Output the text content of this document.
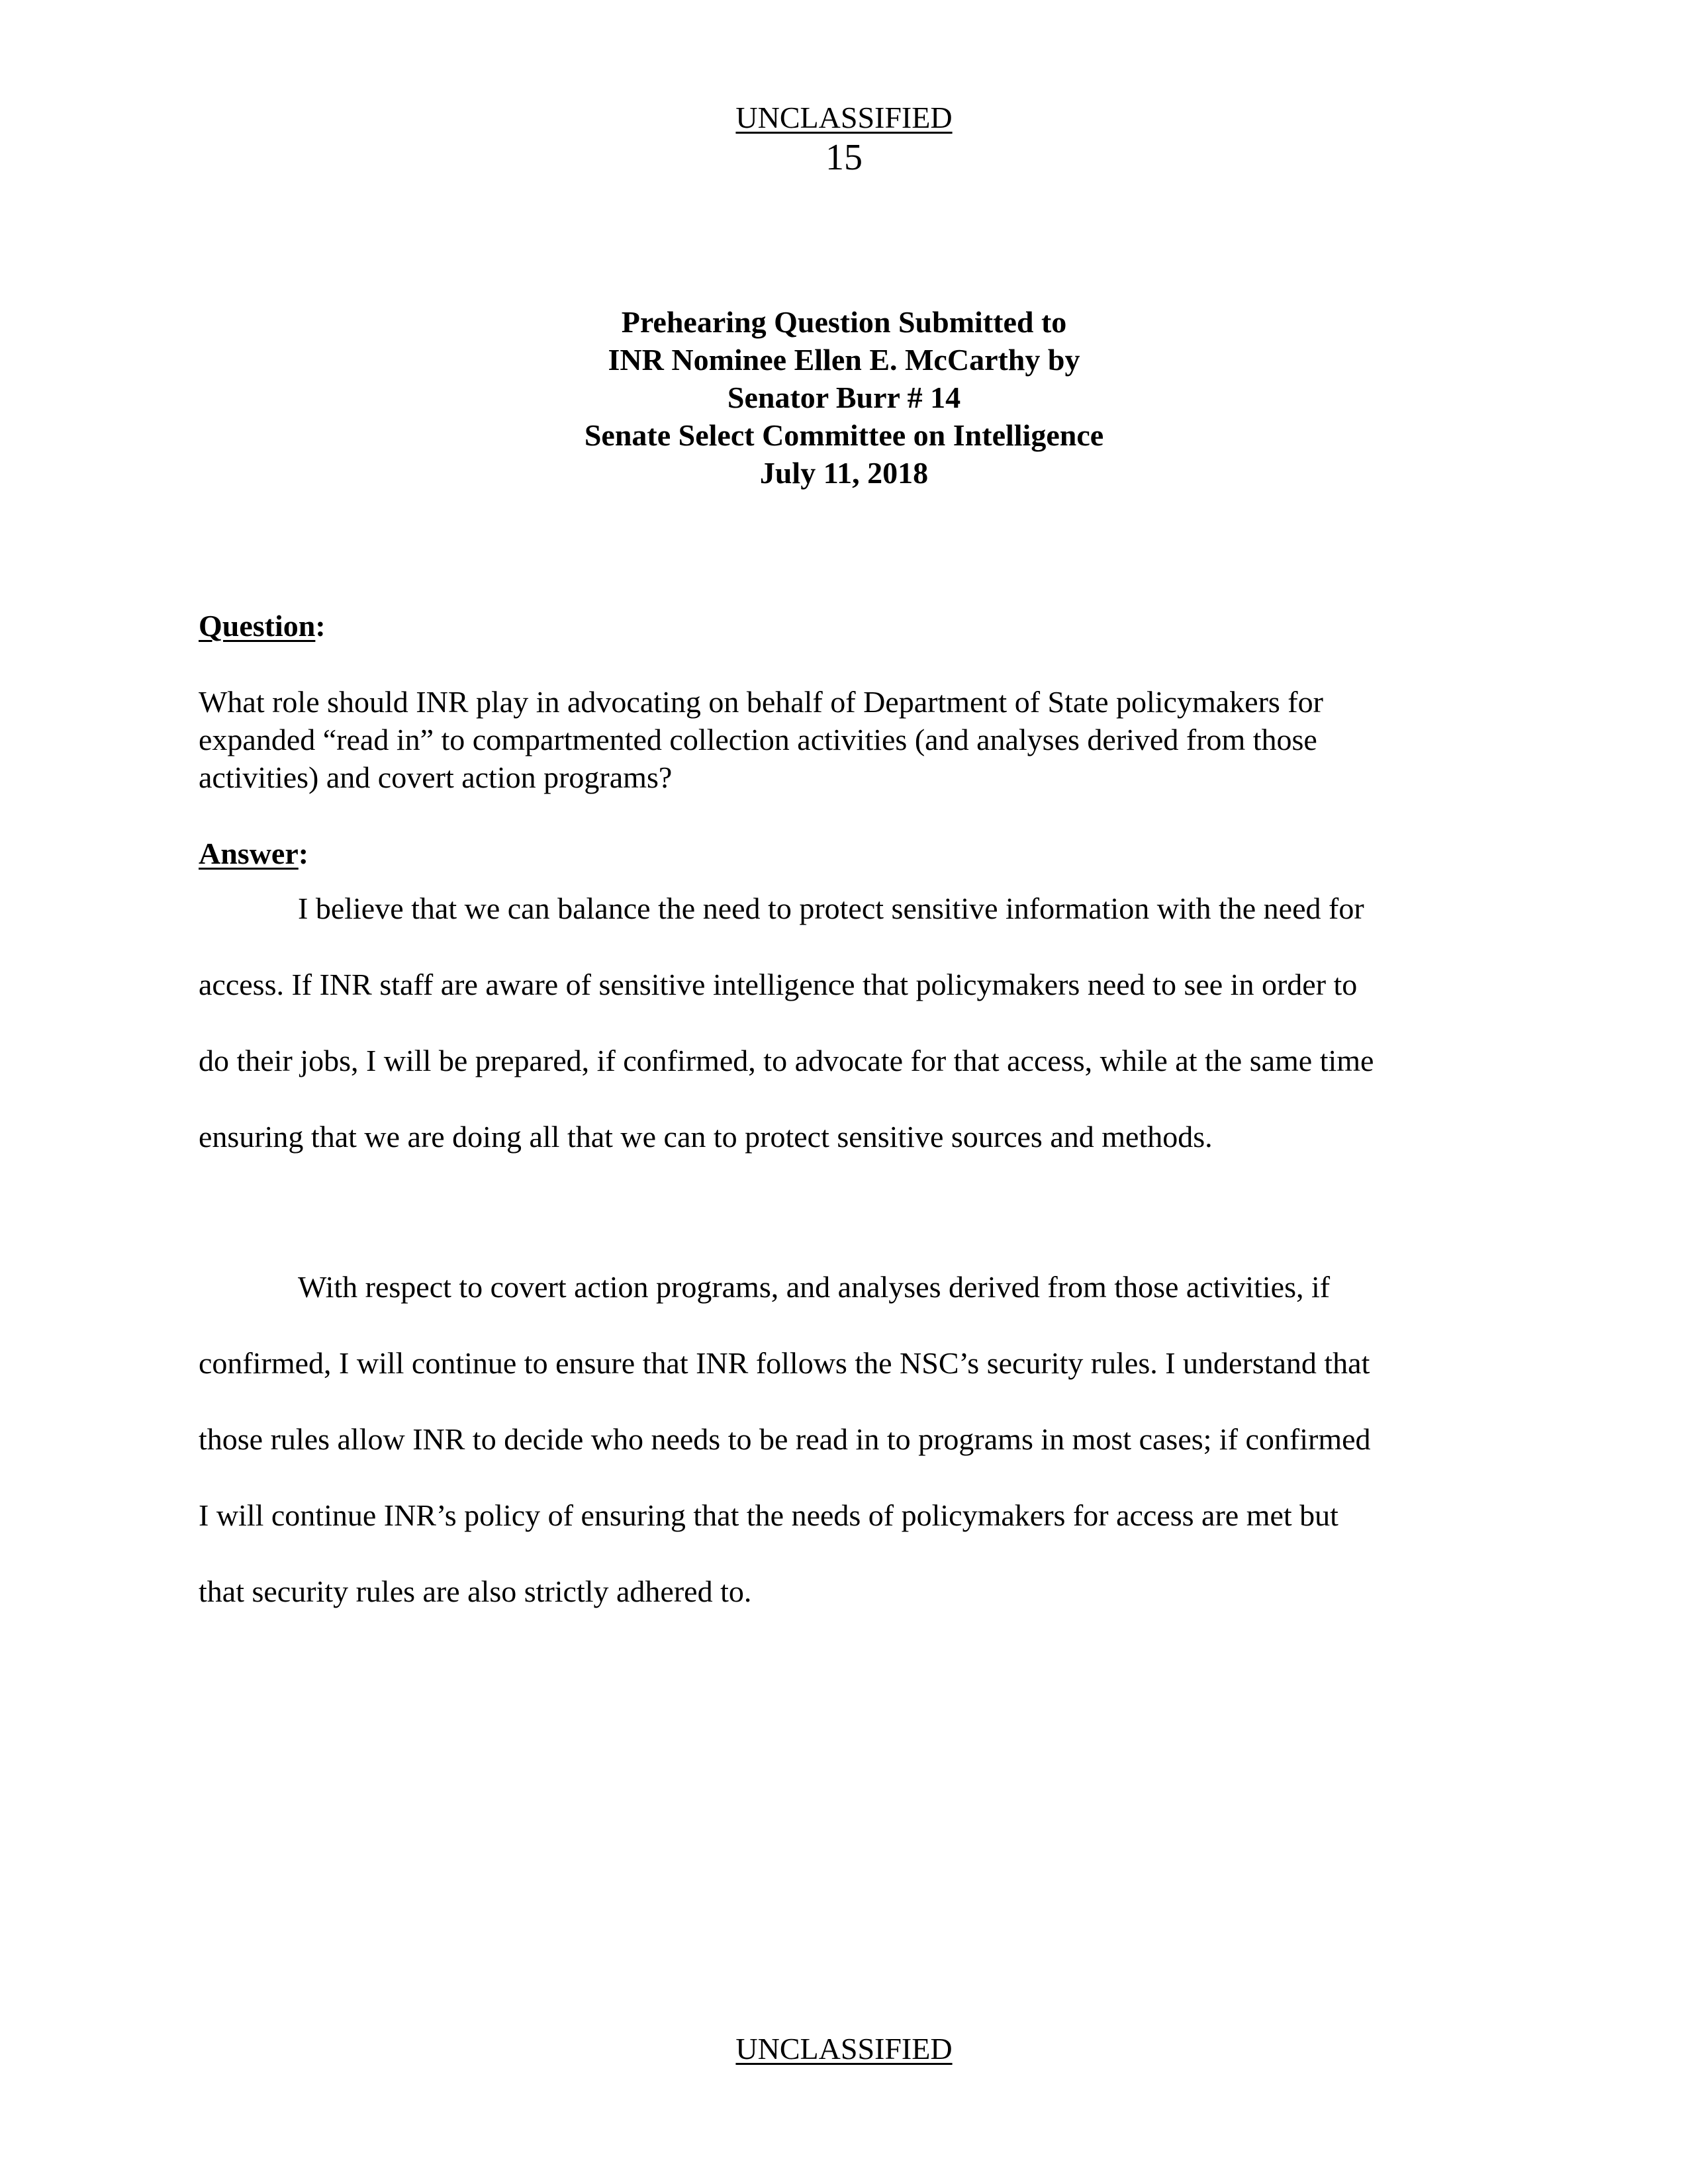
UNCLASSIFIED
15
Prehearing Question Submitted to
INR Nominee Ellen E. McCarthy by
Senator Burr # 14
Senate Select Committee on Intelligence
July 11, 2018
Question:
What role should INR play in advocating on behalf of Department of State policymakers for
expanded “read in” to compartmented collection activities (and analyses derived from those
activities) and covert action programs?
Answer:
I believe that we can balance the need to protect sensitive information with the need for
access. If INR staff are aware of sensitive intelligence that policymakers need to see in order to
do their jobs, I will be prepared, if confirmed, to advocate for that access, while at the same time
ensuring that we are doing all that we can to protect sensitive sources and methods.
With respect to covert action programs, and analyses derived from those activities, if
confirmed, I will continue to ensure that INR follows the NSC’s security rules. I understand that
those rules allow INR to decide who needs to be read in to programs in most cases; if confirmed
I will continue INR’s policy of ensuring that the needs of policymakers for access are met but
that security rules are also strictly adhered to.
UNCLASSIFIED
